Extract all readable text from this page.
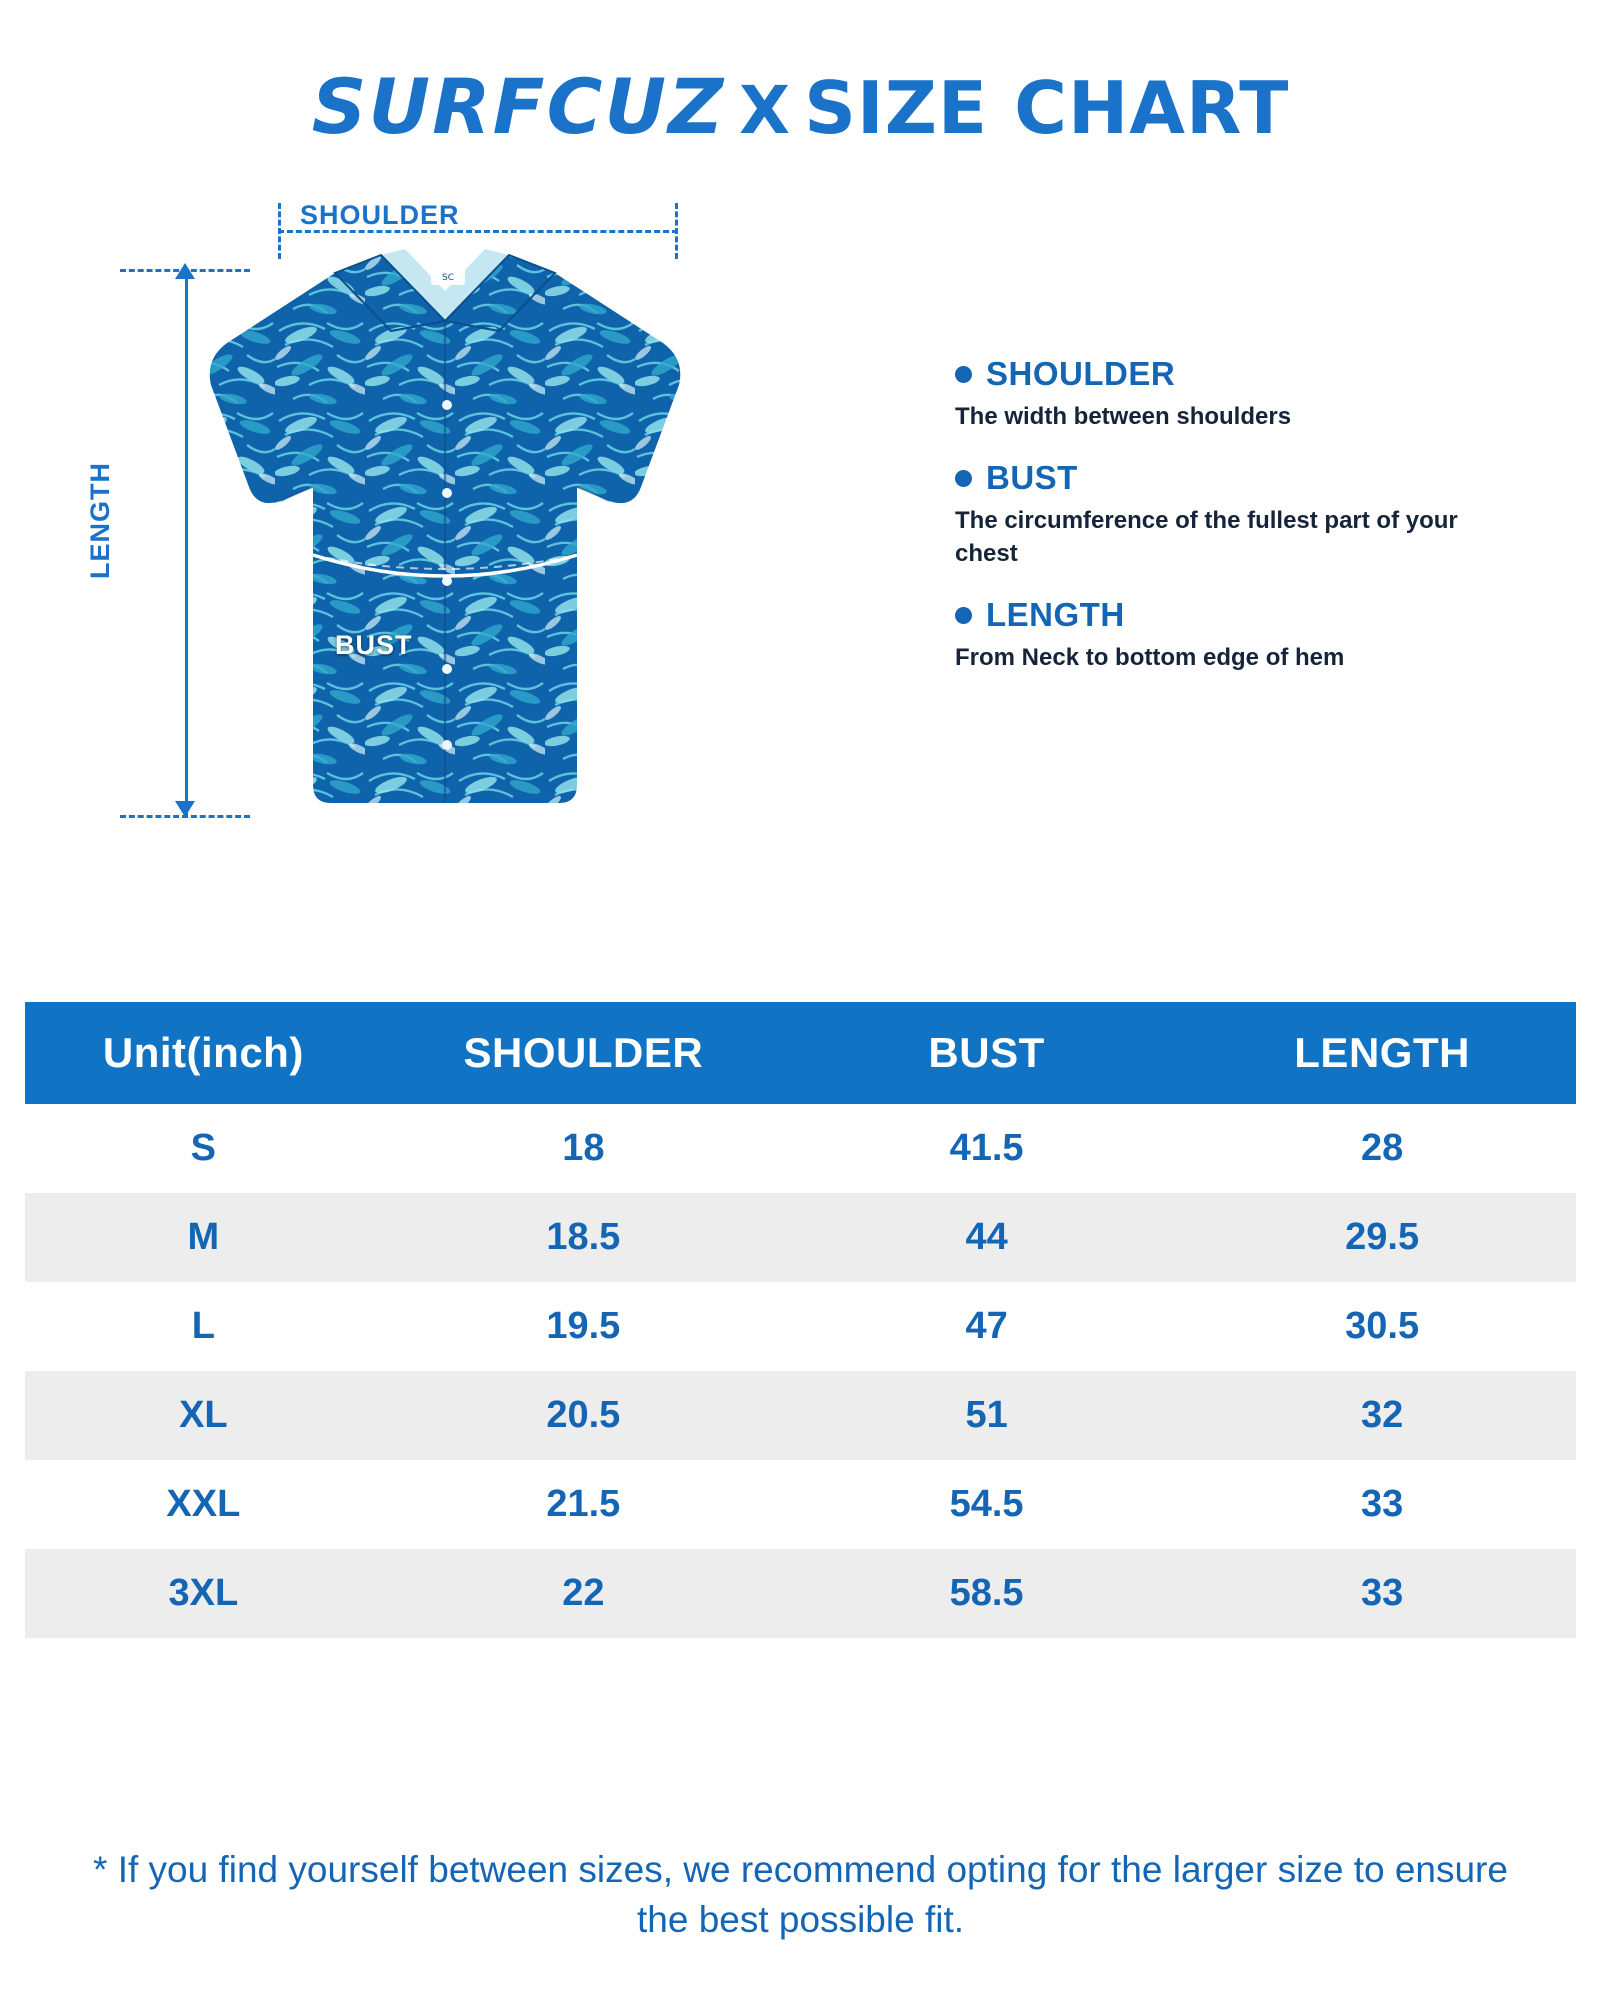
SURFCUZ X SIZE CHART
SHOULDER
LENGTH
SC
BUST
SHOULDER
The width between shoulders
BUST
The circumference of the fullest part of your chest
LENGTH
From Neck to bottom edge of hem
Unit(inch)	SHOULDER	BUST	LENGTH
S	18	41.5	28
M	18.5	44	29.5
L	19.5	47	30.5
XL	20.5	51	32
XXL	21.5	54.5	33
3XL	22	58.5	33
* If you find yourself between sizes, we recommend opting for the larger size to ensure the best possible fit.
